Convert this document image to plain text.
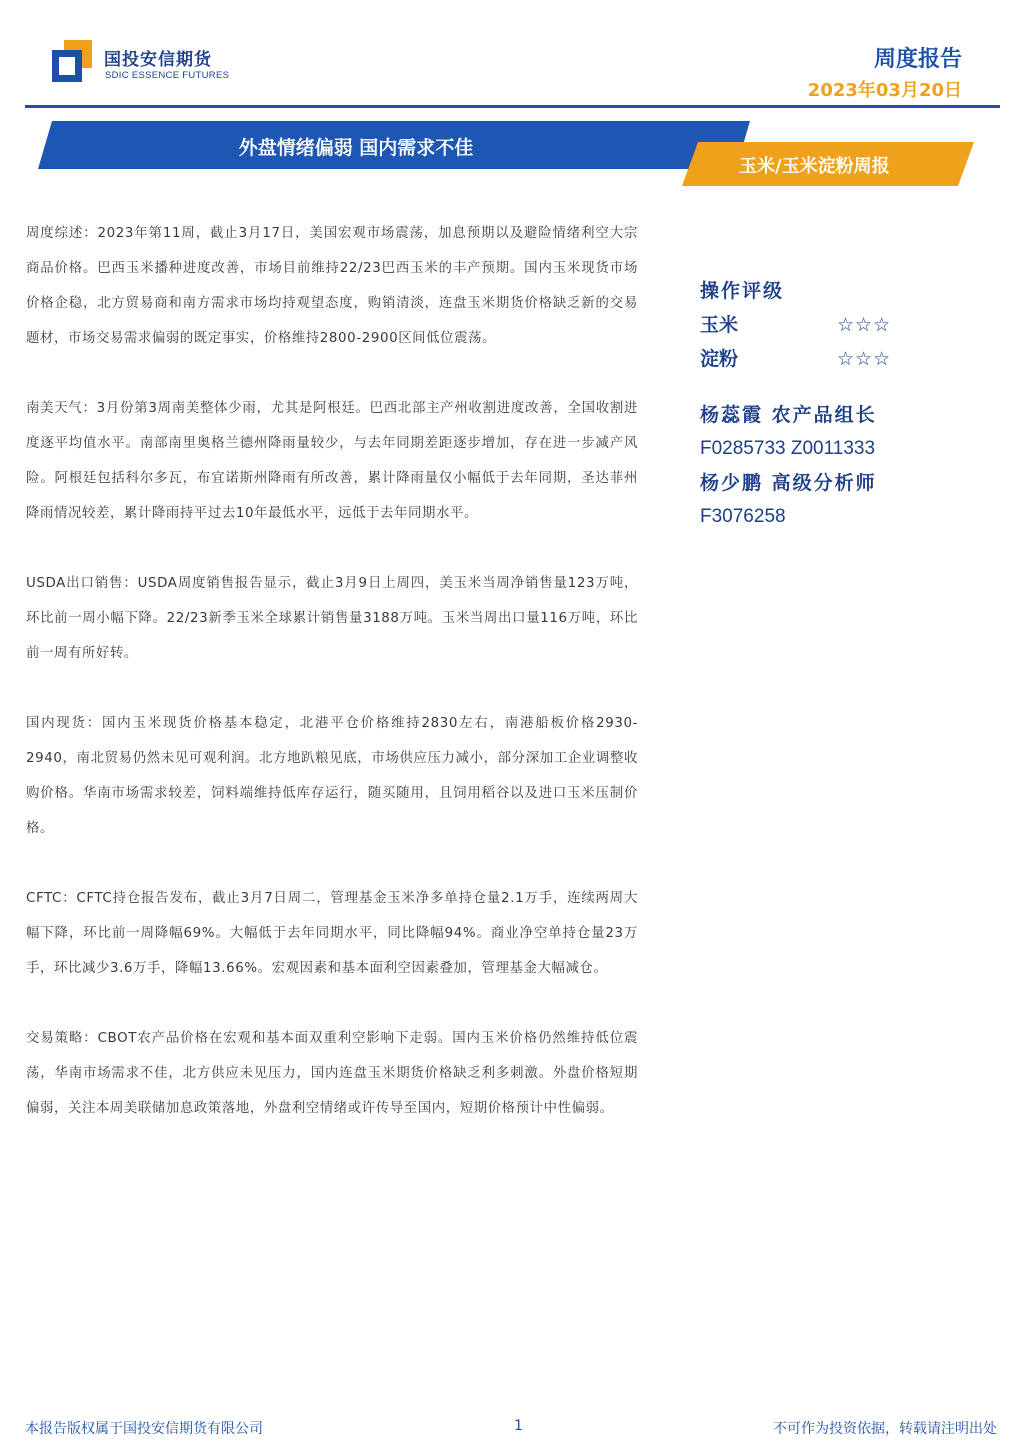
国投安信期货
SDIC ESSENCE FUTURES
周度报告
2023年03月20日
外盘情绪偏弱 国内需求不佳
玉米/玉米淀粉周报

周度综述：2023年第11周，截止3月17日，美国宏观市场震荡，加息预期以及避险情绪利空大宗商品价格。巴西玉米播种进度改善，市场目前维持22/23巴西玉米的丰产预期。国内玉米现货市场价格企稳，北方贸易商和南方需求市场均持观望态度，购销清淡，连盘玉米期货价格缺乏新的交易题材，市场交易需求偏弱的既定事实，价格维持2800-2900区间低位震荡。

南美天气：3月份第3周南美整体少雨，尤其是阿根廷。巴西北部主产州收割进度改善，全国收割进度逐平均值水平。南部南里奥格兰德州降雨量较少，与去年同期差距逐步增加，存在进一步减产风险。阿根廷包括科尔多瓦，布宜诺斯州降雨有所改善，累计降雨量仅小幅低于去年同期，圣达菲州降雨情况较差，累计降雨持平过去10年最低水平，远低于去年同期水平。

USDA出口销售：USDA周度销售报告显示，截止3月9日上周四，美玉米当周净销售量123万吨，环比前一周小幅下降。22/23新季玉米全球累计销售量3188万吨。玉米当周出口量116万吨，环比前一周有所好转。

国内现货：国内玉米现货价格基本稳定，北港平仓价格维持2830左右，南港船板价格2930-2940，南北贸易仍然未见可观利润。北方地趴粮见底，市场供应压力减小，部分深加工企业调整收购价格。华南市场需求较差，饲料端维持低库存运行，随买随用，且饲用稻谷以及进口玉米压制价格。

CFTC：CFTC持仓报告发布，截止3月7日周二，管理基金玉米净多单持仓量2.1万手，连续两周大幅下降，环比前一周降幅69%。大幅低于去年同期水平，同比降幅94%。商业净空单持仓量23万手，环比减少3.6万手，降幅13.66%。宏观因素和基本面利空因素叠加，管理基金大幅减仓。

交易策略：CBOT农产品价格在宏观和基本面双重利空影响下走弱。国内玉米价格仍然维持低位震荡，华南市场需求不佳，北方供应未见压力，国内连盘玉米期货价格缺乏利多刺激。外盘价格短期偏弱，关注本周美联储加息政策落地，外盘利空情绪或许传导至国内，短期价格预计中性偏弱。

操作评级
玉米	☆☆☆
淀粉	☆☆☆
杨蕊霞 农产品组长
F0285733 Z0011333
杨少鹏 高级分析师
F3076258
本报告版权属于国投安信期货有限公司	1	不可作为投资依据，转载请注明出处
